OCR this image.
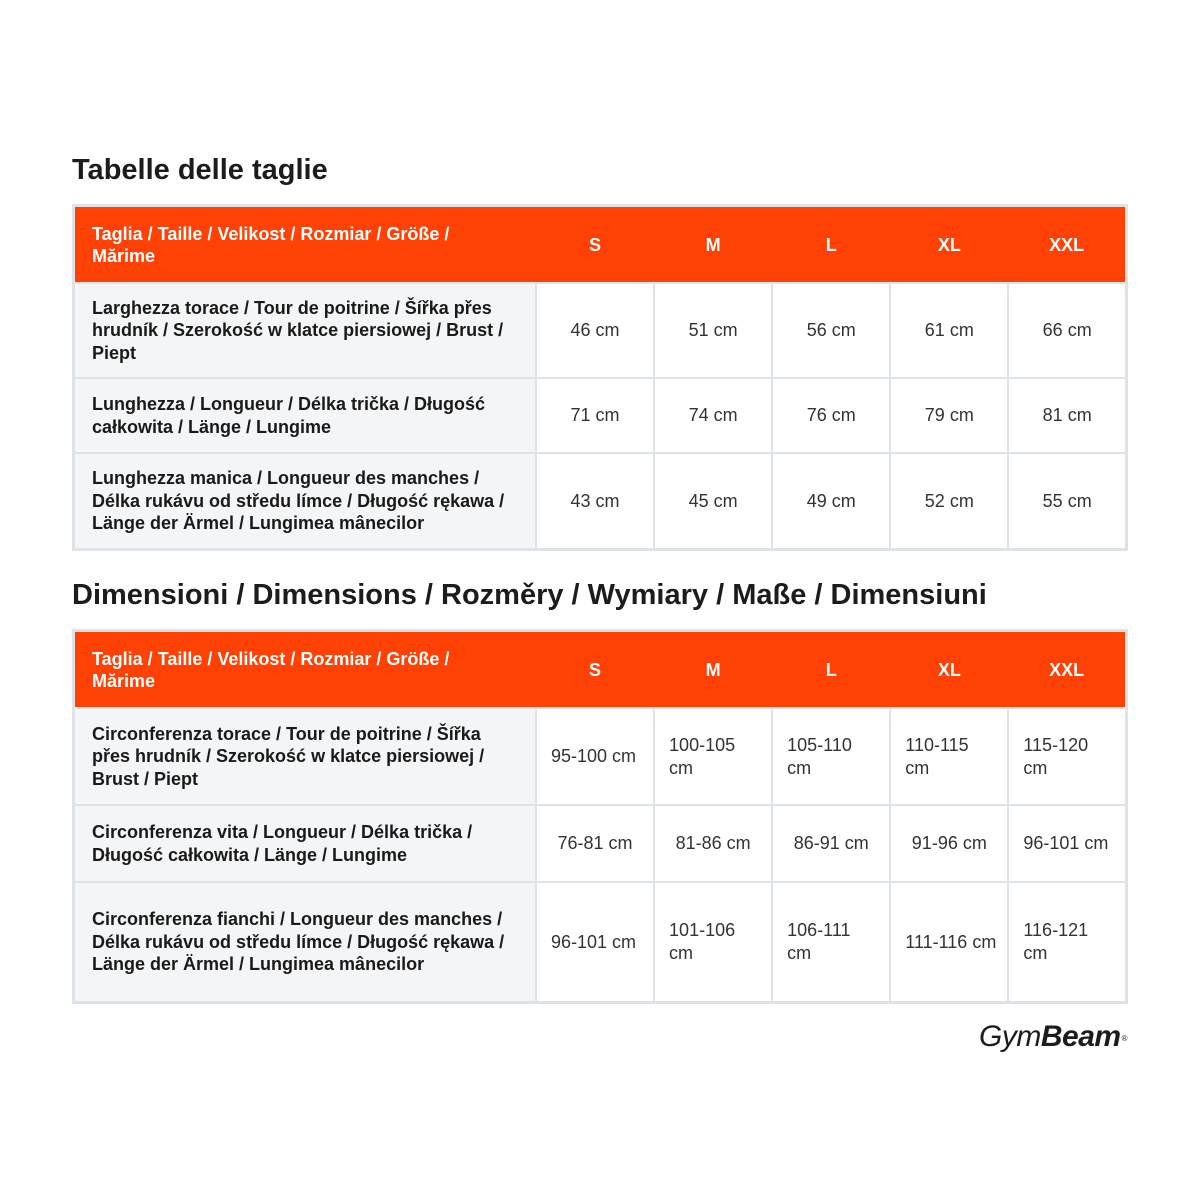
Tabelle delle taglie
Taglia / Taille / Velikost / Rozmiar / Größe / Mărime	S	M	L	XL	XXL
Larghezza torace / Tour de poitrine / Šířka přes hrudník / Szerokość w klatce piersiowej / Brust / Piept	46 cm	51 cm	56 cm	61 cm	66 cm
Lunghezza / Longueur / Délka trička / Długość całkowita / Länge / Lungime	71 cm	74 cm	76 cm	79 cm	81 cm
Lunghezza manica / Longueur des manches / Délka rukávu od středu límce / Długość rękawa / Länge der Ärmel / Lungimea mânecilor	43 cm	45 cm	49 cm	52 cm	55 cm
Dimensioni / Dimensions / Rozměry / Wymiary / Maße / Dimensiuni
Taglia / Taille / Velikost / Rozmiar / Größe / Mărime	S	M	L	XL	XXL
Circonferenza torace / Tour de poitrine / Šířka přes hrudník / Szerokość w klatce piersiowej / Brust / Piept	95-100 cm	100-105 cm	105-110 cm	110-115 cm	115-120 cm
Circonferenza vita / Longueur / Délka trička / Długość całkowita / Länge / Lungime	76-81 cm	81-86 cm	86-91 cm	91-96 cm	96-101 cm
Circonferenza fianchi / Longueur des manches / Délka rukávu od středu límce / Długość rękawa / Länge der Ärmel / Lungimea mânecilor	96-101 cm	101-106 cm	106-111 cm	111-116 cm	116-121 cm
GymBeam®
